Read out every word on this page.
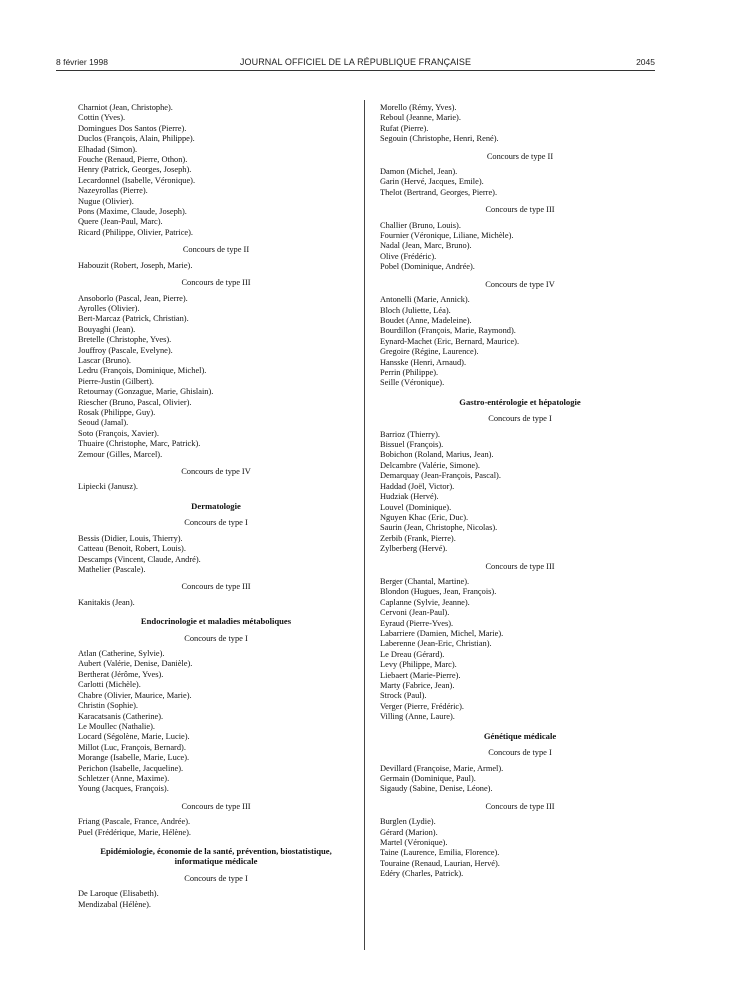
8 février 1998	JOURNAL OFFICIEL DE LA RÉPUBLIQUE FRANÇAISE	2045
Charniot (Jean, Christophe).
Cottin (Yves).
Domingues Dos Santos (Pierre).
Duclos (François, Alain, Philippe).
Elhadad (Simon).
Fouche (Renaud, Pierre, Othon).
Henry (Patrick, Georges, Joseph).
Lecardonnel (Isabelle, Véronique).
Nazeyrollas (Pierre).
Nugue (Olivier).
Pons (Maxime, Claude, Joseph).
Quere (Jean-Paul, Marc).
Ricard (Philippe, Olivier, Patrice).
Concours de type II
Habouzit (Robert, Joseph, Marie).
Concours de type III
Ansoborlo (Pascal, Jean, Pierre).
Ayrolles (Olivier).
Bert-Marcaz (Patrick, Christian).
Bouyaghi (Jean).
Bretelle (Christophe, Yves).
Jouffroy (Pascale, Evelyne).
Lascar (Bruno).
Ledru (François, Dominique, Michel).
Pierre-Justin (Gilbert).
Retournay (Gonzague, Marie, Ghislain).
Riescher (Bruno, Pascal, Olivier).
Rosak (Philippe, Guy).
Seoud (Jamal).
Soto (François, Xavier).
Thuaire (Christophe, Marc, Patrick).
Zemour (Gilles, Marcel).
Concours de type IV
Lipiecki (Janusz).
Dermatologie
Concours de type I
Bessis (Didier, Louis, Thierry).
Catteau (Benoit, Robert, Louis).
Descamps (Vincent, Claude, André).
Mathelier (Pascale).
Concours de type III
Kanitakis (Jean).
Endocrinologie et maladies métaboliques
Concours de type I
Atlan (Catherine, Sylvie).
Aubert (Valérie, Denise, Danièle).
Bertherat (Jérôme, Yves).
Carlotti (Michèle).
Chabre (Olivier, Maurice, Marie).
Christin (Sophie).
Karacatsanis (Catherine).
Le Moullec (Nathalie).
Locard (Ségolène, Marie, Lucie).
Millot (Luc, François, Bernard).
Morange (Isabelle, Marie, Luce).
Perichon (Isabelle, Jacqueline).
Schletzer (Anne, Maxime).
Young (Jacques, François).
Concours de type III
Friang (Pascale, France, Andrée).
Puel (Frédérique, Marie, Hélène).
Epidémiologie, économie de la santé, prévention, biostatistique, informatique médicale
Concours de type I
De Laroque (Elisabeth).
Mendizabal (Hélène).
Morello (Rémy, Yves).
Reboul (Jeanne, Marie).
Rufat (Pierre).
Segouin (Christophe, Henri, René).
Concours de type II
Damon (Michel, Jean).
Garin (Hervé, Jacques, Emile).
Thelot (Bertrand, Georges, Pierre).
Concours de type III
Challier (Bruno, Louis).
Fournier (Véronique, Liliane, Michèle).
Nadal (Jean, Marc, Bruno).
Olive (Frédéric).
Pobel (Dominique, Andrée).
Concours de type IV
Antonelli (Marie, Annick).
Bloch (Juliette, Léa).
Boudet (Anne, Madeleine).
Bourdillon (François, Marie, Raymond).
Eynard-Machet (Eric, Bernard, Maurice).
Gregoire (Régine, Laurence).
Hansske (Henri, Arnaud).
Perrin (Philippe).
Seille (Véronique).
Gastro-entérologie et hépatologie
Concours de type I
Barrioz (Thierry).
Bissuel (François).
Bobichon (Roland, Marius, Jean).
Delcambre (Valérie, Simone).
Demarquay (Jean-François, Pascal).
Haddad (Joël, Victor).
Hudziak (Hervé).
Louvel (Dominique).
Nguyen Khac (Eric, Duc).
Saurin (Jean, Christophe, Nicolas).
Zerbib (Frank, Pierre).
Zylberberg (Hervé).
Concours de type III
Berger (Chantal, Martine).
Blondon (Hugues, Jean, François).
Caplanne (Sylvie, Jeanne).
Cervoni (Jean-Paul).
Eyraud (Pierre-Yves).
Labarriere (Damien, Michel, Marie).
Laberenne (Jean-Eric, Christian).
Le Dreau (Gérard).
Levy (Philippe, Marc).
Liebaert (Marie-Pierre).
Marty (Fabrice, Jean).
Strock (Paul).
Verger (Pierre, Frédéric).
Villing (Anne, Laure).
Génétique médicale
Concours de type I
Devillard (Françoise, Marie, Armel).
Germain (Dominique, Paul).
Sigaudy (Sabine, Denise, Léone).
Concours de type III
Burglen (Lydie).
Gérard (Marion).
Martel (Véronique).
Taine (Laurence, Emilia, Florence).
Touraine (Renaud, Laurian, Hervé).
Edéry (Charles, Patrick).
